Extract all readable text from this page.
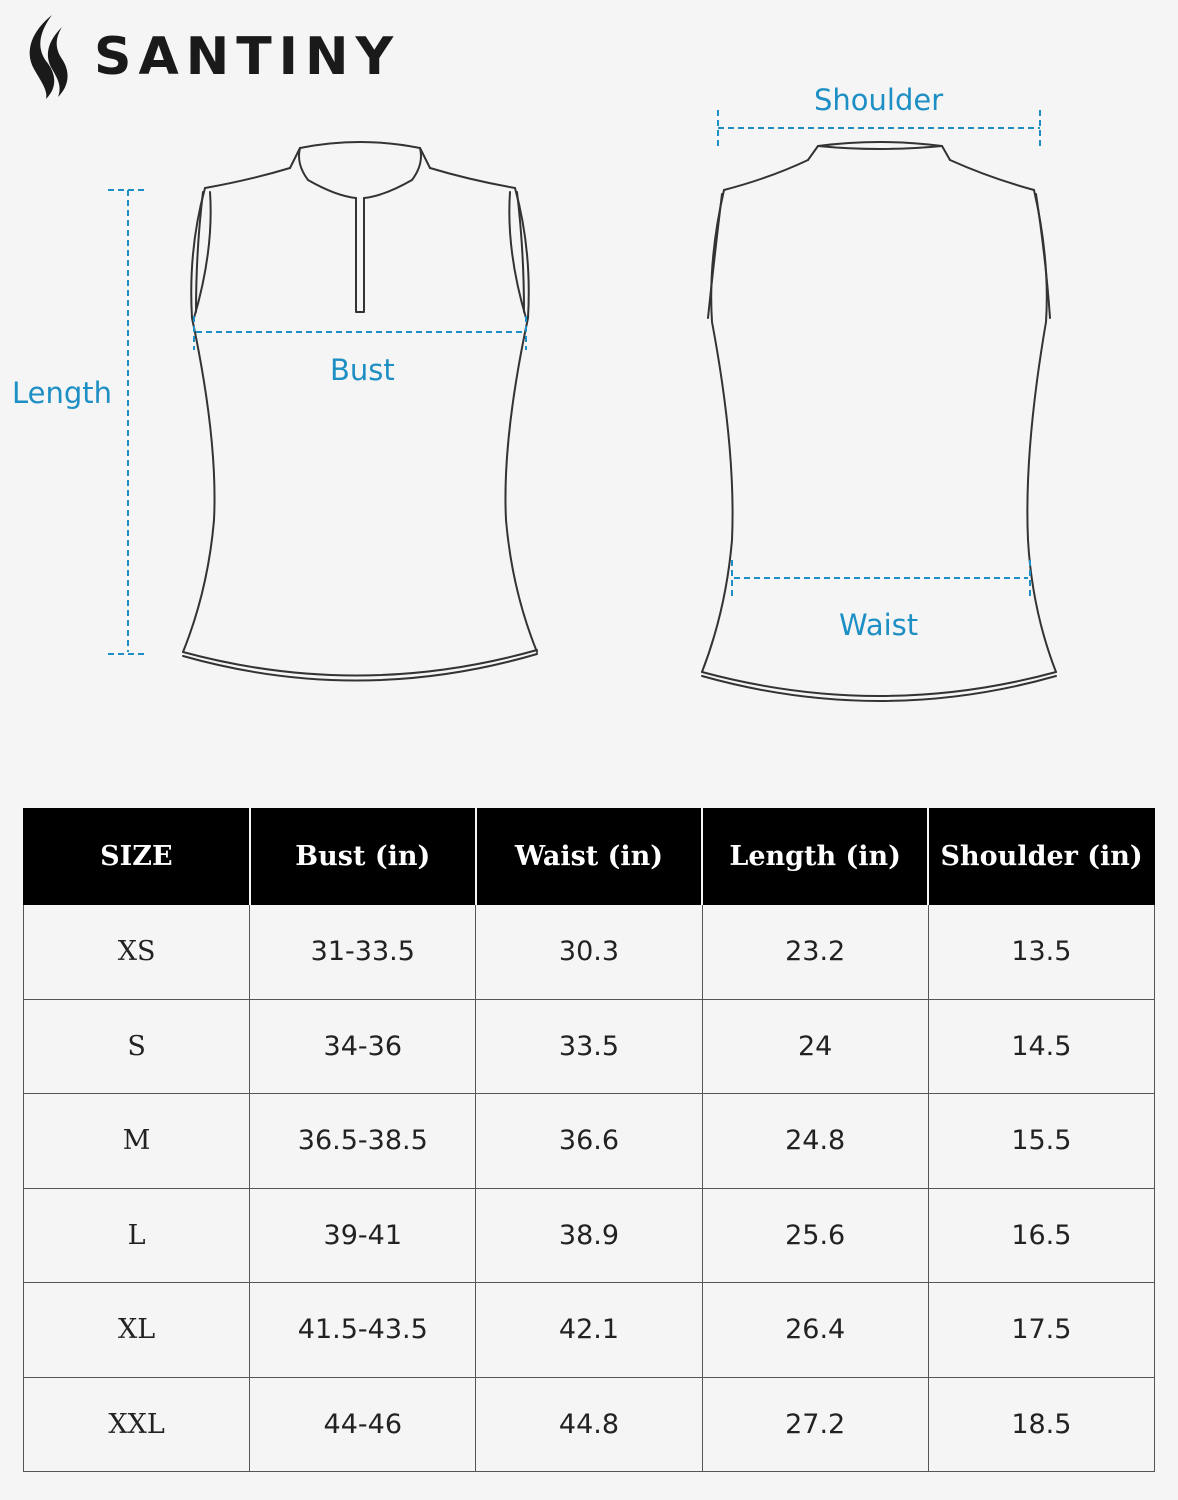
SANTINY
Shoulder
Length
Bust
Waist
SIZE	Bust (in)	Waist (in)	Length (in)	Shoulder (in)
XS	31-33.5	30.3	23.2	13.5
S	34-36	33.5	24	14.5
M	36.5-38.5	36.6	24.8	15.5
L	39-41	38.9	25.6	16.5
XL	41.5-43.5	42.1	26.4	17.5
XXL	44-46	44.8	27.2	18.5
